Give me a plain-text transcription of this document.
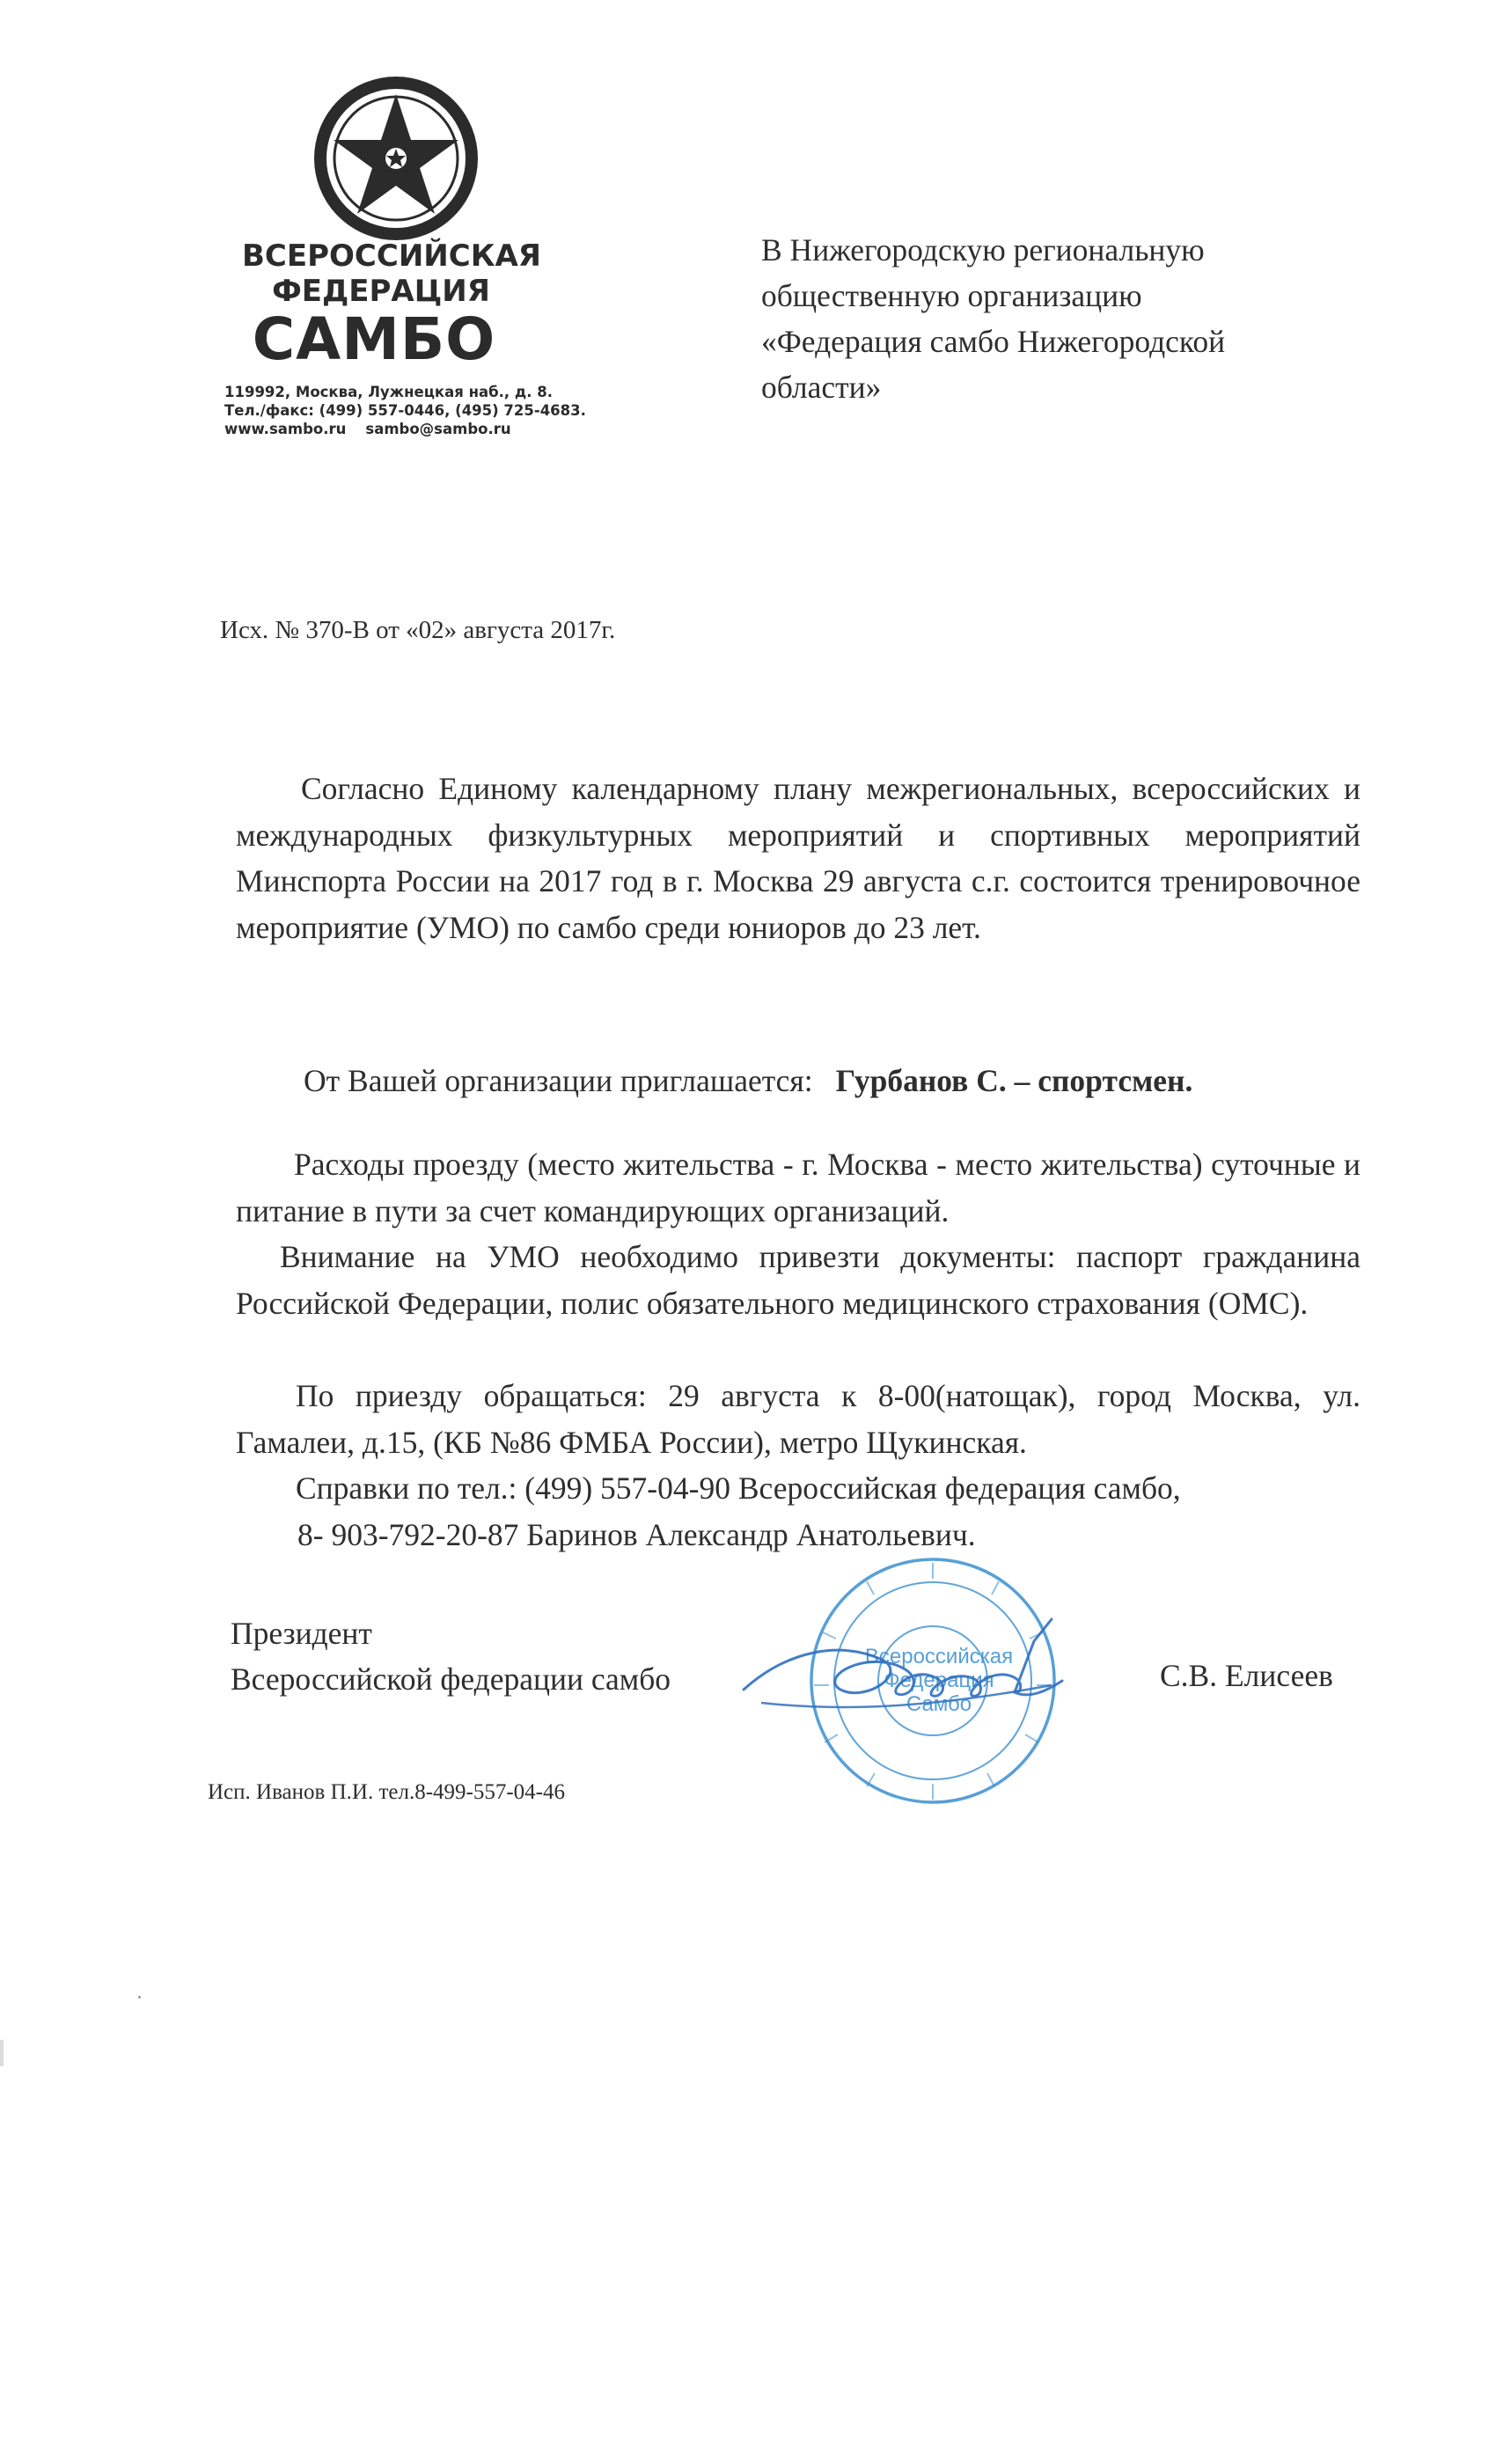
ВСЕРОССИЙСКАЯ
ФЕДЕРАЦИЯ
САМБО
119992, Москва, Лужнецкая наб., д. 8.
Тел./факс: (499) 557-0446, (495) 725-4683.
www.sambo.ru sambo@sambo.ru
В Нижегородскую региональную
общественную организацию
«Федерация самбо Нижегородской
области»
Исх. № 370-В от «02» августа 2017г.
Согласно Единому календарному плану межрегиональных, всероссийских и международных физкультурных мероприятий и спортивных мероприятий Минспорта России на 2017 год в г. Москва 29 августа с.г. состоится тренировочное мероприятие (УМО) по самбо среди юниоров до 23 лет.
От Вашей организации приглашается: Гурбанов С. – спортсмен.
Расходы проезду (место жительства - г. Москва - место жительства) суточные и питание в пути за счет командирующих организаций.
Внимание на УМО необходимо привезти документы: паспорт гражданина Российской Федерации, полис обязательного медицинского страхования (ОМС).
По приезду обращаться: 29 августа к 8-00(натощак), город Москва, ул. Гамалеи, д.15, (КБ №86 ФМБА России), метро Щукинская.
Справки по тел.: (499) 557-04-90 Всероссийская федерация самбо,
8- 903-792-20-87 Баринов Александр Анатольевич.
Президент
Всероссийской федерации самбо
Всероссийская
Федерация
Самбо
С.В. Елисеев
Исп. Иванов П.И. тел.8-499-557-04-46
